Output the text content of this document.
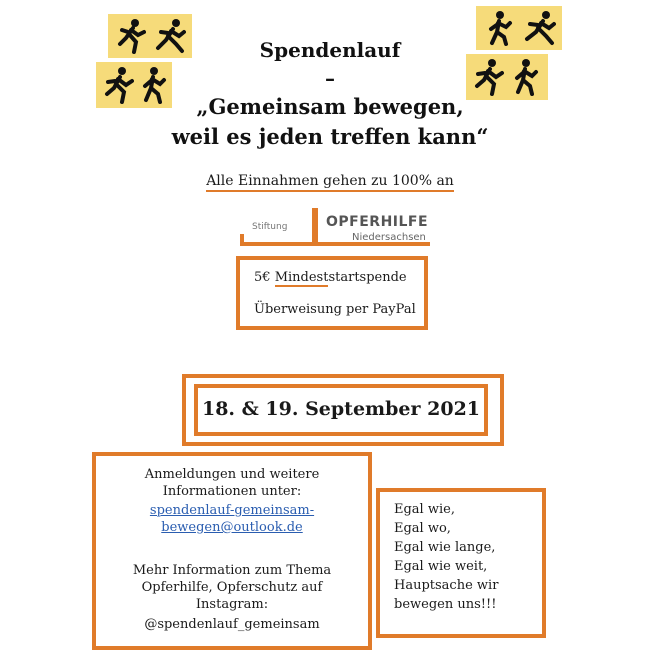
Spendenlauf
–
„Gemeinsam bewegen,
weil es jeden treffen kann“
Alle Einnahmen gehen zu 100% an
Stiftung	OPFERHILFE
Niedersachsen
5€ Mindeststartspende
Überweisung per PayPal
18. & 19. September 2021
Anmeldungen und weitere
Informationen unter:
spendenlauf-gemeinsam-
bewegen@outlook.de
Mehr Information zum Thema
Opferhilfe, Opferschutz auf
Instagram:
@spendenlauf_gemeinsam
Egal wie,
Egal wo,
Egal wie lange,
Egal wie weit,
Hauptsache wir
bewegen uns!!!
